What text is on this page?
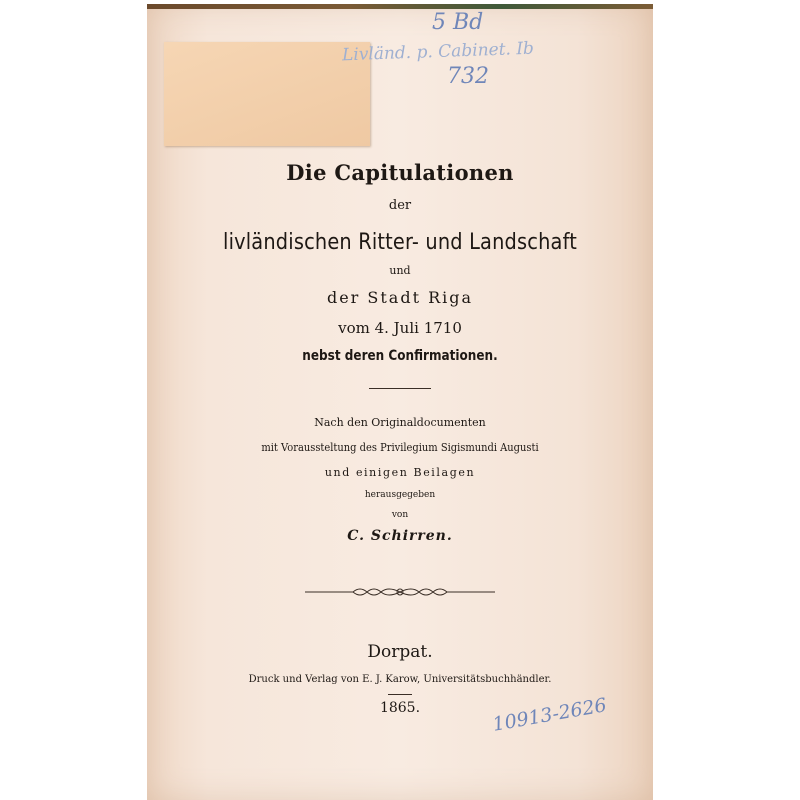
5 Bd
Livländ. p. Cabinet. Ib
732
Die Capitulationen
der
livländischen Ritter- und Landschaft
und
der Stadt Riga
vom 4. Juli 1710
nebst deren Confirmationen.
Nach den Originaldocumenten
mit Voraussteltung des Privilegium Sigismundi Augusti
und einigen Beilagen
herausgegeben
von
C. Schirren.
Dorpat.
Druck und Verlag von E. J. Karow, Universitätsbuchhändler.
1865.	10913-2626
